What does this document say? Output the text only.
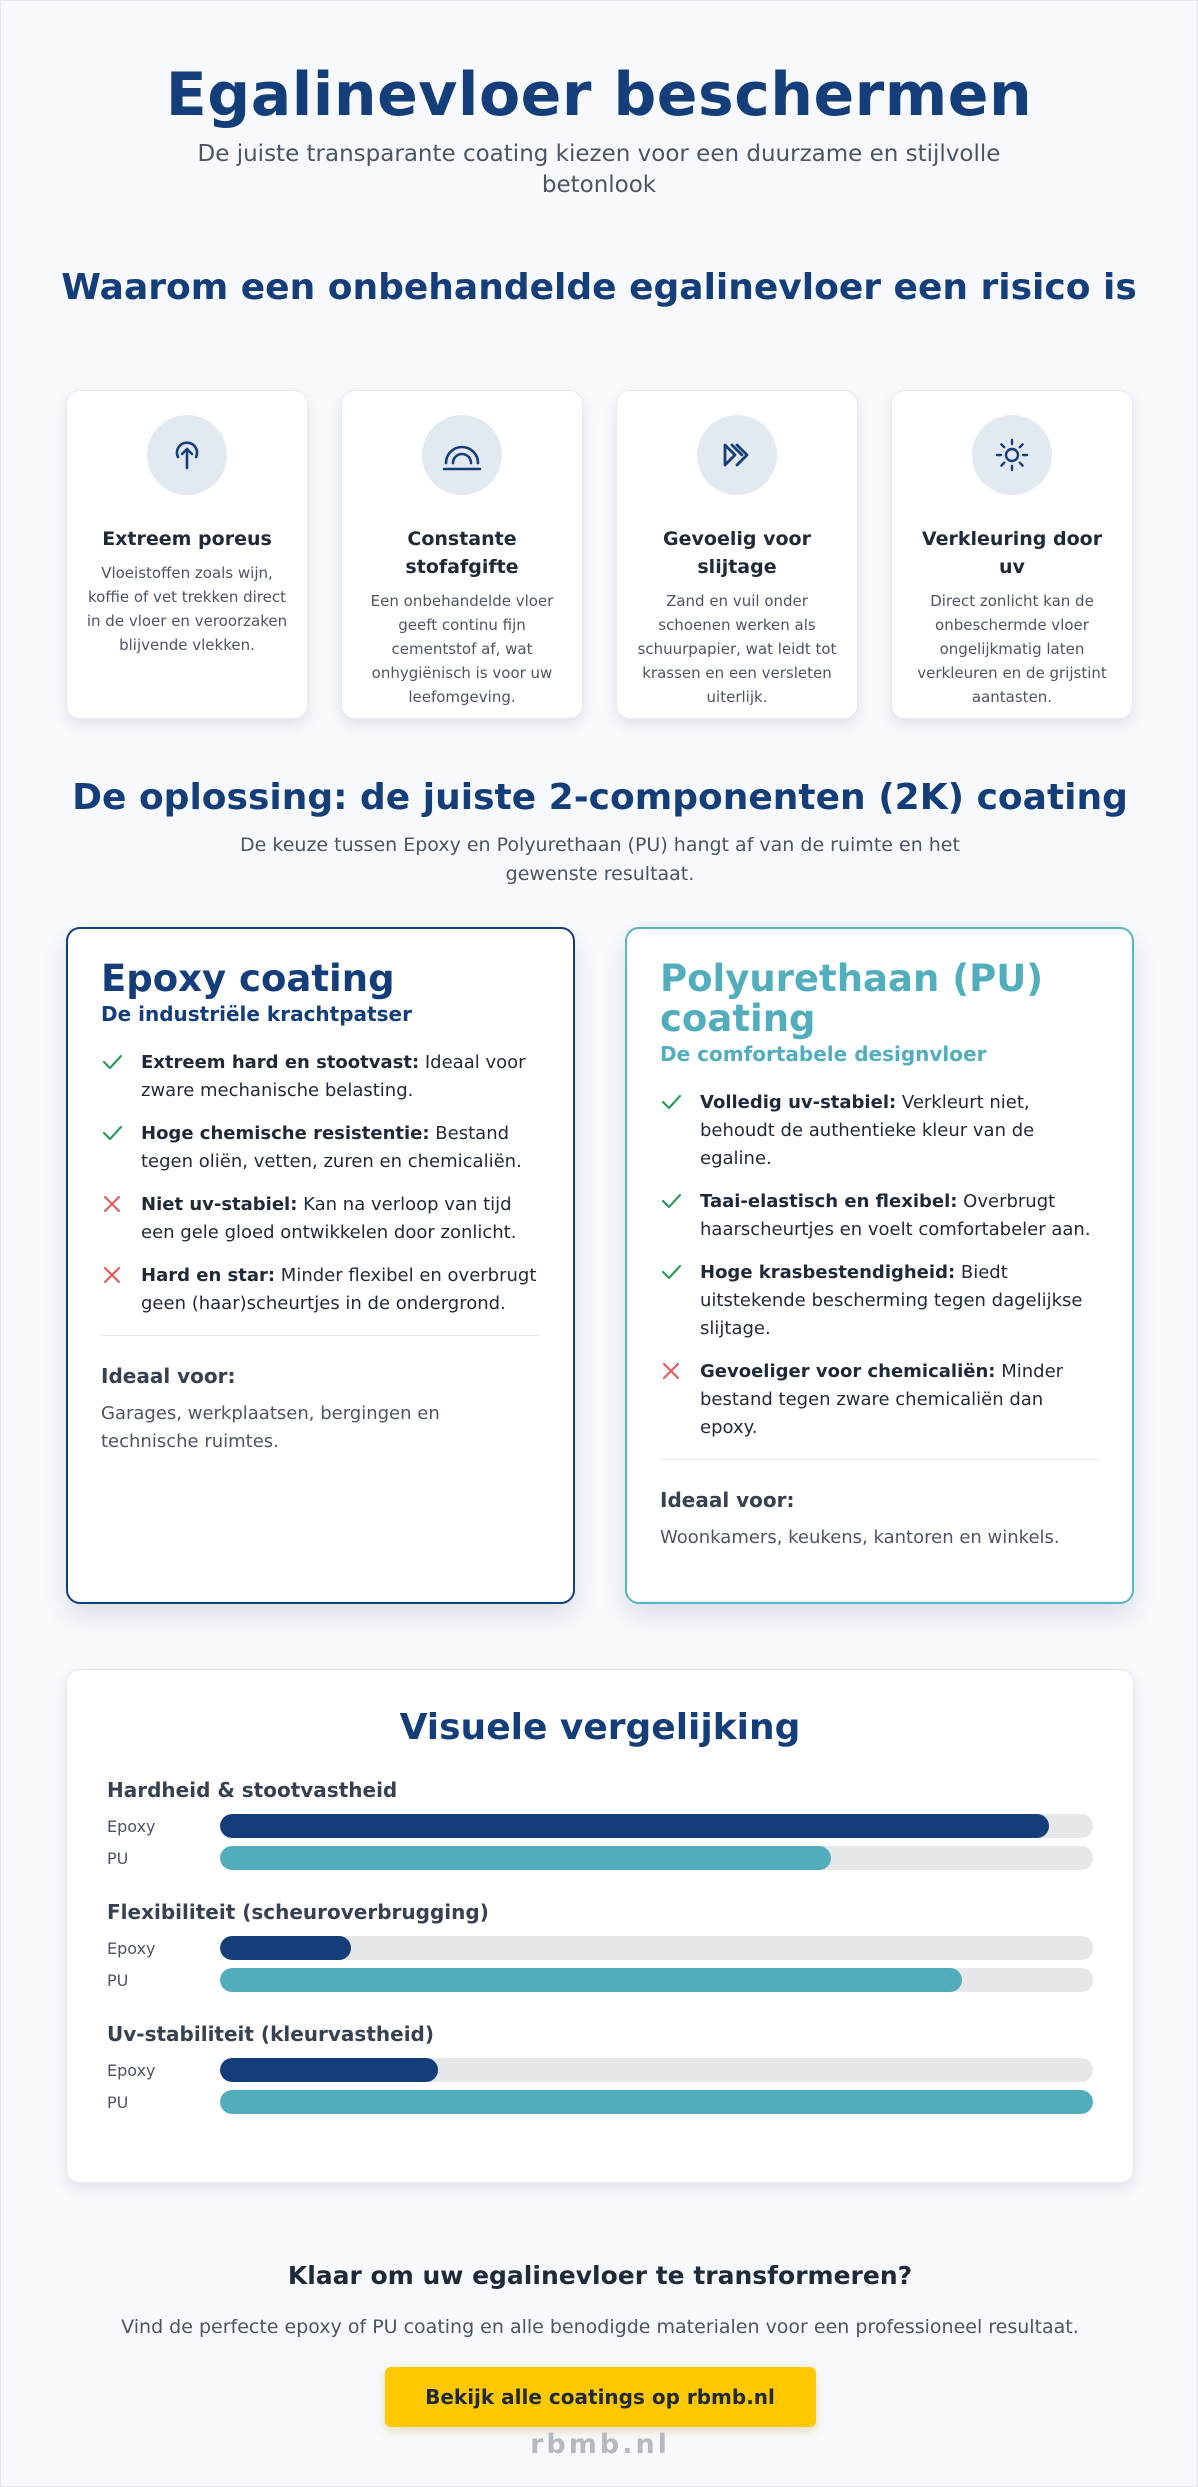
Egalinevloer beschermen

De juiste transparante coating kiezen voor een duurzame en stijlvolle betonlook

Waarom een onbehandelde egalinevloer een risico is
Extreem poreus

Vloeistoffen zoals wijn, koffie of vet trekken direct in de vloer en veroorzaken blijvende vlekken.

Constante stofafgifte

Een onbehandelde vloer geeft continu fijn cementstof af, wat onhygiënisch is voor uw leefomgeving.

Gevoelig voor slijtage

Zand en vuil onder schoenen werken als schuurpapier, wat leidt tot krassen en een versleten uiterlijk.

Verkleuring door uv

Direct zonlicht kan de onbeschermde vloer ongelijkmatig laten verkleuren en de grijstint aantasten.

De oplossing: de juiste 2-componenten (2K) coating

De keuze tussen Epoxy en Polyurethaan (PU) hangt af van de ruimte en het gewenste resultaat.

Epoxy coating
De industriële krachtpatser
Extreem hard en stootvast: Ideaal voor zware mechanische belasting.
Hoge chemische resistentie: Bestand tegen oliën, vetten, zuren en chemicaliën.
Niet uv-stabiel: Kan na verloop van tijd een gele gloed ontwikkelen door zonlicht.
Hard en star: Minder flexibel en overbrugt geen (haar)scheurtjes in de ondergrond.
Ideaal voor:
Garages, werkplaatsen, bergingen en technische ruimtes.
Polyurethaan (PU) coating
De comfortabele designvloer
Volledig uv-stabiel: Verkleurt niet, behoudt de authentieke kleur van de egaline.
Taai-elastisch en flexibel: Overbrugt haarscheurtjes en voelt comfortabeler aan.
Hoge krasbestendigheid: Biedt uitstekende bescherming tegen dagelijkse slijtage.
Gevoeliger voor chemicaliën: Minder bestand tegen zware chemicaliën dan epoxy.
Ideaal voor:
Woonkamers, keukens, kantoren en winkels.
Visuele vergelijking
Hardheid & stootvastheid
Epoxy
PU
Flexibiliteit (scheuroverbrugging)
Epoxy
PU
Uv-stabiliteit (kleurvastheid)
Epoxy
PU
Klaar om uw egalinevloer te transformeren?

Vind de perfecte epoxy of PU coating en alle benodigde materialen voor een professioneel resultaat.

Bekijk alle coatings op rbmb.nl
rbmb.nl
